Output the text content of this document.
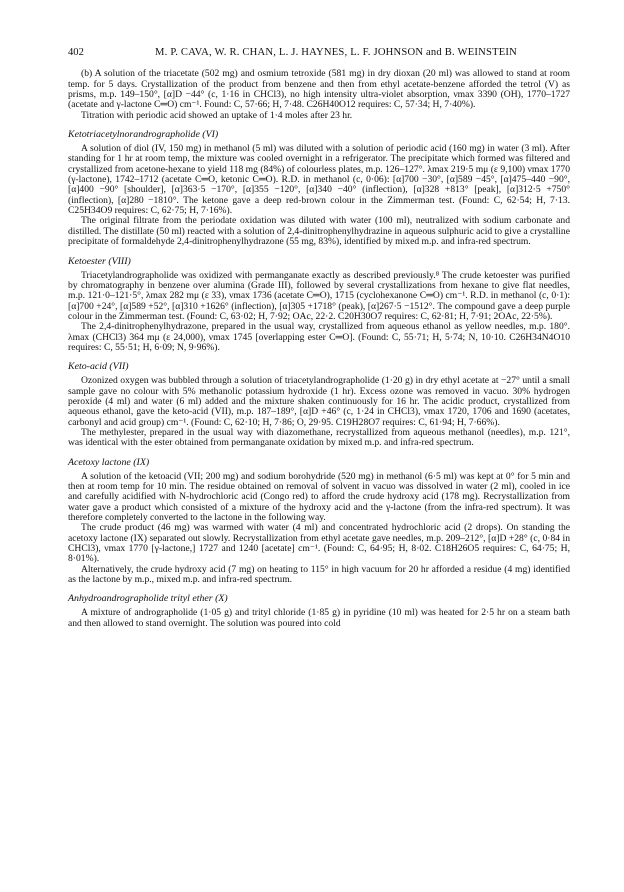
402	M. P. CAVA, W. R. CHAN, L. J. HAYNES, L. F. JOHNSON and B. WEINSTEIN

(b) A solution of the triacetate (502 mg) and osmium tetroxide (581 mg) in dry dioxan (20 ml) was allowed to stand at room temp. for 5 days. Crystallization of the product from benzene and then from ethyl acetate-benzene afforded the tetrol (V) as prisms, m.p. 149–150°, [α]D −44° (c, 1·16 in CHCl3), no high intensity ultra-violet absorption, νmax 3390 (OH), 1770–1727 (acetate and γ-lactone C═O) cm⁻¹. Found: C, 57·66; H, 7·48. C26H40O12 requires: C, 57·34; H, 7·40%).

Titration with periodic acid showed an uptake of 1·4 moles after 23 hr.

Ketotriacetylnorandrographolide (VI)

A solution of diol (IV, 150 mg) in methanol (5 ml) was diluted with a solution of periodic acid (160 mg) in water (3 ml). After standing for 1 hr at room temp, the mixture was cooled overnight in a refrigerator. The precipitate which formed was filtered and crystallized from acetone-hexane to yield 118 mg (84%) of colourless plates, m.p. 126–127°. λmax 219·5 mμ (ε 9,100) νmax 1770 (γ-lactone), 1742–1712 (acetate C═O, ketonic C═O). R.D. in methanol (c, 0·06): [α]700 −30°, [α]589 −45°, [α]475–440 −90°, [α]400 −90° [shoulder], [α]363·5 −170°, [α]355 −120°, [α]340 −40° (inflection), [α]328 +813° [peak], [α]312·5 +750° (inflection), [α]280 −1810°. The ketone gave a deep red-brown colour in the Zimmerman test. (Found: C, 62·54; H, 7·13. C25H34O9 requires: C, 62·75; H, 7·16%).

The original filtrate from the periodate oxidation was diluted with water (100 ml), neutralized with sodium carbonate and distilled. The distillate (50 ml) reacted with a solution of 2,4-dinitrophenylhydrazine in aqueous sulphuric acid to give a crystalline precipitate of formaldehyde 2,4-dinitrophenylhydrazone (55 mg, 83%), identified by mixed m.p. and infra-red spectrum.

Ketoester (VIII)

Triacetylandrographolide was oxidized with permanganate exactly as described previously.⁸ The crude ketoester was purified by chromatography in benzene over alumina (Grade III), followed by several crystallizations from hexane to give flat needles, m.p. 121·0–121·5°, λmax 282 mμ (ε 33), νmax 1736 (acetate C═O), 1715 (cyclohexanone C═O) cm⁻¹. R.D. in methanol (c, 0·1): [α]700 +24°, [α]589 +52°, [α]310 +1626° (inflection), [α]305 +1718° (peak), [α]267·5 −1512°. The compound gave a deep purple colour in the Zimmerman test. (Found: C, 63·02; H, 7·92; OAc, 22·2. C20H30O7 requires: C, 62·81; H, 7·91; 2OAc, 22·5%).

The 2,4-dinitrophenylhydrazone, prepared in the usual way, crystallized from aqueous ethanol as yellow needles, m.p. 180°. λmax (CHCl3) 364 mμ (ε 24,000), νmax 1745 [overlapping ester C═O]. (Found: C, 55·71; H, 5·74; N, 10·10. C26H34N4O10 requires: C, 55·51; H, 6·09; N, 9·96%).

Keto-acid (VII)

Ozonized oxygen was bubbled through a solution of triacetylandrographolide (1·20 g) in dry ethyl acetate at −27° until a small sample gave no colour with 5% methanolic potassium hydroxide (1 hr). Excess ozone was removed in vacuo. 30% hydrogen peroxide (4 ml) and water (6 ml) added and the mixture shaken continuously for 16 hr. The acidic product, crystallized from aqueous ethanol, gave the keto-acid (VII), m.p. 187–189°, [α]D +46° (c, 1·24 in CHCl3), νmax 1720, 1706 and 1690 (acetates, carbonyl and acid group) cm⁻¹. (Found: C, 62·10; H, 7·86; O, 29·95. C19H28O7 requires: C, 61·94; H, 7·66%).

The methylester, prepared in the usual way with diazomethane, recrystallized from aqueous methanol (needles), m.p. 121°, was identical with the ester obtained from permanganate oxidation by mixed m.p. and infra-red spectrum.

Acetoxy lactone (IX)

A solution of the ketoacid (VII; 200 mg) and sodium borohydride (520 mg) in methanol (6·5 ml) was kept at 0° for 5 min and then at room temp for 10 min. The residue obtained on removal of solvent in vacuo was dissolved in water (2 ml), cooled in ice and carefully acidified with N-hydrochloric acid (Congo red) to afford the crude hydroxy acid (178 mg). Recrystallization from water gave a product which consisted of a mixture of the hydroxy acid and the γ-lactone (from the infra-red spectrum). It was therefore completely converted to the lactone in the following way.

The crude product (46 mg) was warmed with water (4 ml) and concentrated hydrochloric acid (2 drops). On standing the acetoxy lactone (IX) separated out slowly. Recrystallization from ethyl acetate gave needles, m.p. 209–212°, [α]D +28° (c, 0·84 in CHCl3), νmax 1770 [γ-lactone,] 1727 and 1240 [acetate] cm⁻¹. (Found: C, 64·95; H, 8·02. C18H26O5 requires: C, 64·75; H, 8·01%).

Alternatively, the crude hydroxy acid (7 mg) on heating to 115° in high vacuum for 20 hr afforded a residue (4 mg) identified as the lactone by m.p., mixed m.p. and infra-red spectrum.

Anhydroandrographolide trityl ether (X)

A mixture of andrographolide (1·05 g) and trityl chloride (1·85 g) in pyridine (10 ml) was heated for 2·5 hr on a steam bath and then allowed to stand overnight. The solution was poured into cold
